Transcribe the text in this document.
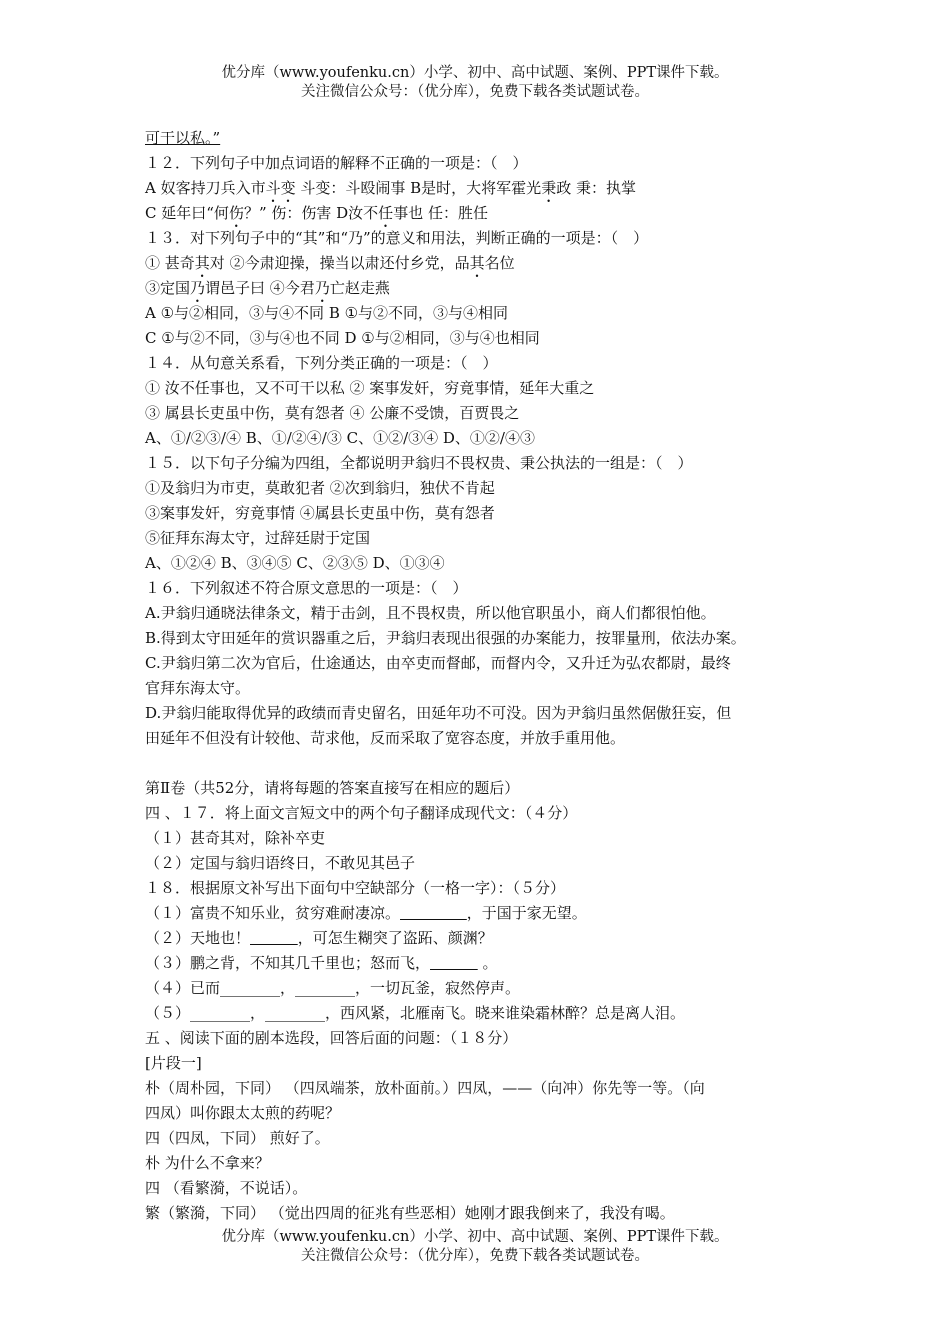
优分库（www.youfenku.cn）小学、初中、高中试题、案例、PPT课件下载。
关注微信公众号：（优分库），免费下载各类试题试卷。
可干以私。”
１２．下列句子中加点词语的解释不正确的一项是：（　）
A 奴客持刀兵入市斗变 斗变：斗殴闹事 B是时，大将军霍光秉政 秉：执掌
C 延年曰“何伤？” 伤：伤害 D汝不任事也 任：胜任
１３．对下列句子中的“其”和“乃”的意义和用法，判断正确的一项是：（　）
① 甚奇其对 ②今肃迎操，操当以肃还付乡党，品其名位
③定国乃谓邑子曰 ④今君乃亡赵走燕
A ①与②相同，③与④不同 B ①与②不同，③与④相同
C ①与②不同，③与④也不同 D ①与②相同，③与④也相同
１４．从句意关系看，下列分类正确的一项是：（　）
① 汝不任事也，又不可干以私 ② 案事发奸，穷竟事情，延年大重之
③ 属县长吏虽中伤，莫有怨者 ④ 公廉不受馈，百贾畏之
A、①/②③/④ B、①/②④/③ C、①②/③④ D、①②/④③
１５．以下句子分编为四组，全都说明尹翁归不畏权贵、秉公执法的一组是：（　）
①及翁归为市吏，莫敢犯者 ②次到翁归，独伏不肯起
③案事发奸，穷竟事情 ④属县长吏虽中伤，莫有怨者
⑤征拜东海太守，过辞廷尉于定国
A、①②④ B、③④⑤ C、②③⑤ D、①③④
１６．下列叙述不符合原文意思的一项是：（　）
A.尹翁归通晓法律条文，精于击剑，且不畏权贵，所以他官职虽小，商人们都很怕他。
B.得到太守田延年的赏识器重之后，尹翁归表现出很强的办案能力，按罪量刑，依法办案。
C.尹翁归第二次为官后，仕途通达，由卒吏而督邮，而督内令，又升迁为弘农都尉，最终
官拜东海太守。
D.尹翁归能取得优异的政绩而青史留名，田延年功不可没。因为尹翁归虽然倨傲狂妄，但
田延年不但没有计较他、苛求他，反而采取了宽容态度，并放手重用他。
第Ⅱ卷（共52分，请将每题的答案直接写在相应的题后）
四 、１７．将上面文言短文中的两个句子翻译成现代文：（４分）
（１）甚奇其对，除补卒吏
（２）定国与翁归语终日，不敢见其邑子
１８．根据原文补写出下面句中空缺部分（一格一字）：（５分）
（１）富贵不知乐业，贫穷难耐凄凉。	，于国于家无望。
（２）天地也！	，可怎生糊突了盗跖、颜渊？
（３）鹏之背，不知其几千里也；怒而飞，	。
（４）已而________，________，一切瓦釜，寂然停声。
（５）________，________，西风紧，北雁南飞。晓来谁染霜林醉？总是离人泪。
五 、阅读下面的剧本选段，回答后面的问题：（１８分）
[片段一]
朴（周朴园，下同） （四凤端茶，放朴面前。）四凤，——（向冲）你先等一等。（向
四凤）叫你跟太太煎的药呢？
四（四凤，下同） 煎好了。
朴 为什么不拿来？
四 （看繁漪，不说话）。
繁（繁漪，下同） （觉出四周的征兆有些恶相）她刚才跟我倒来了，我没有喝。
优分库（www.youfenku.cn）小学、初中、高中试题、案例、PPT课件下载。
关注微信公众号：（优分库），免费下载各类试题试卷。
